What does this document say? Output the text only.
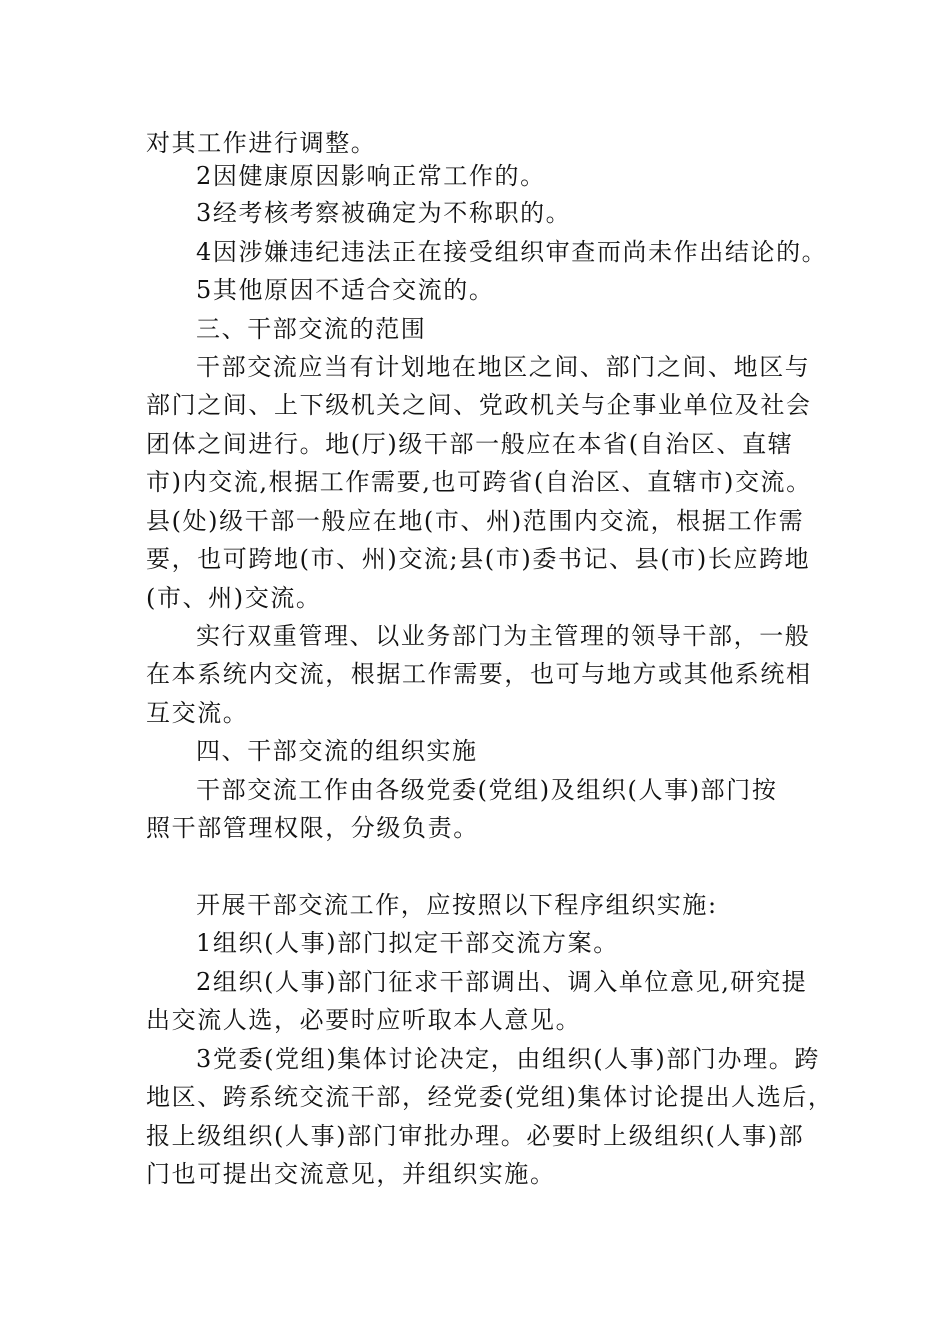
对其工作进行调整。
2因健康原因影响正常工作的。
3经考核考察被确定为不称职的。
4因涉嫌违纪违法正在接受组织审查而尚未作出结论的。
5其他原因不适合交流的。
三、干部交流的范围
干部交流应当有计划地在地区之间、部门之间、地区与
部门之间、上下级机关之间、党政机关与企事业单位及社会
团体之间进行。地(厅)级干部一般应在本省(自治区、直辖
市)内交流,根据工作需要,也可跨省(自治区、直辖市)交流。
县(处)级干部一般应在地(市、州)范围内交流，根据工作需
要，也可跨地(市、州)交流;县(市)委书记、县(市)长应跨地
(市、州)交流。
实行双重管理、以业务部门为主管理的领导干部，一般
在本系统内交流，根据工作需要，也可与地方或其他系统相
互交流。
四、干部交流的组织实施
干部交流工作由各级党委(党组)及组织(人事)部门按
照干部管理权限，分级负责。
开展干部交流工作，应按照以下程序组织实施:
1组织(人事)部门拟定干部交流方案。
2组织(人事)部门征求干部调出、调入单位意见,研究提
出交流人选，必要时应听取本人意见。
3党委(党组)集体讨论决定，由组织(人事)部门办理。跨
地区、跨系统交流干部，经党委(党组)集体讨论提出人选后，
报上级组织(人事)部门审批办理。必要时上级组织(人事)部
门也可提出交流意见，并组织实施。
